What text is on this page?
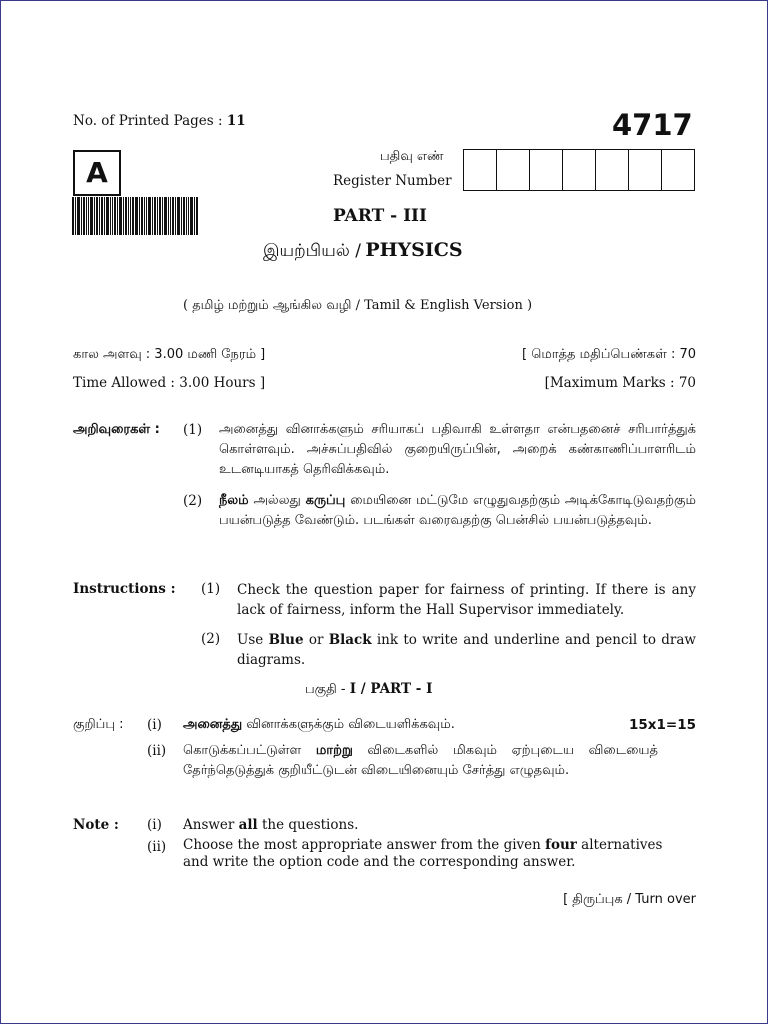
No. of Printed Pages : 11	4717
A	பதிவு எண்
Register Number
PART - III
இயற்பியல் / PHYSICS
( தமிழ் மற்றும் ஆங்கில வழி / Tamil & English Version )
கால அளவு : 3.00 மணி நேரம் ]	[ மொத்த மதிப்பெண்கள் : 70
Time Allowed : 3.00 Hours ]	[Maximum Marks : 70
அறிவுரைகள் : (1) அனைத்து வினாக்களும் சரியாகப் பதிவாகி உள்ளதா என்பதனைச் சரிபார்த்துக் கொள்ளவும். அச்சுப்பதிவில் குறையிருப்பின், அறைக் கண்காணிப்பாளரிடம் உடனடியாகத் தெரிவிக்கவும்.
(2) நீலம் அல்லது கருப்பு மையினை மட்டுமே எழுதுவதற்கும் அடிக்கோடிடுவதற்கும் பயன்படுத்த வேண்டும். படங்கள் வரைவதற்கு பென்சில் பயன்படுத்தவும்.
Instructions : (1) Check the question paper for fairness of printing. If there is any lack of fairness, inform the Hall Supervisor immediately.
(2) Use Blue or Black ink to write and underline and pencil to draw diagrams.
பகுதி - I / PART - I
குறிப்பு : (i) அனைத்து வினாக்களுக்கும் விடையளிக்கவும்.	15x1=15
(ii) கொடுக்கப்பட்டுள்ள மாற்று விடைகளில் மிகவும் ஏற்புடைய விடையைத் தேர்ந்தெடுத்துக் குறியீட்டுடன் விடையினையும் சேர்த்து எழுதவும்.
Note : (i) Answer all the questions.
(ii) Choose the most appropriate answer from the given four alternatives and write the option code and the corresponding answer.
[ திருப்புக / Turn over
